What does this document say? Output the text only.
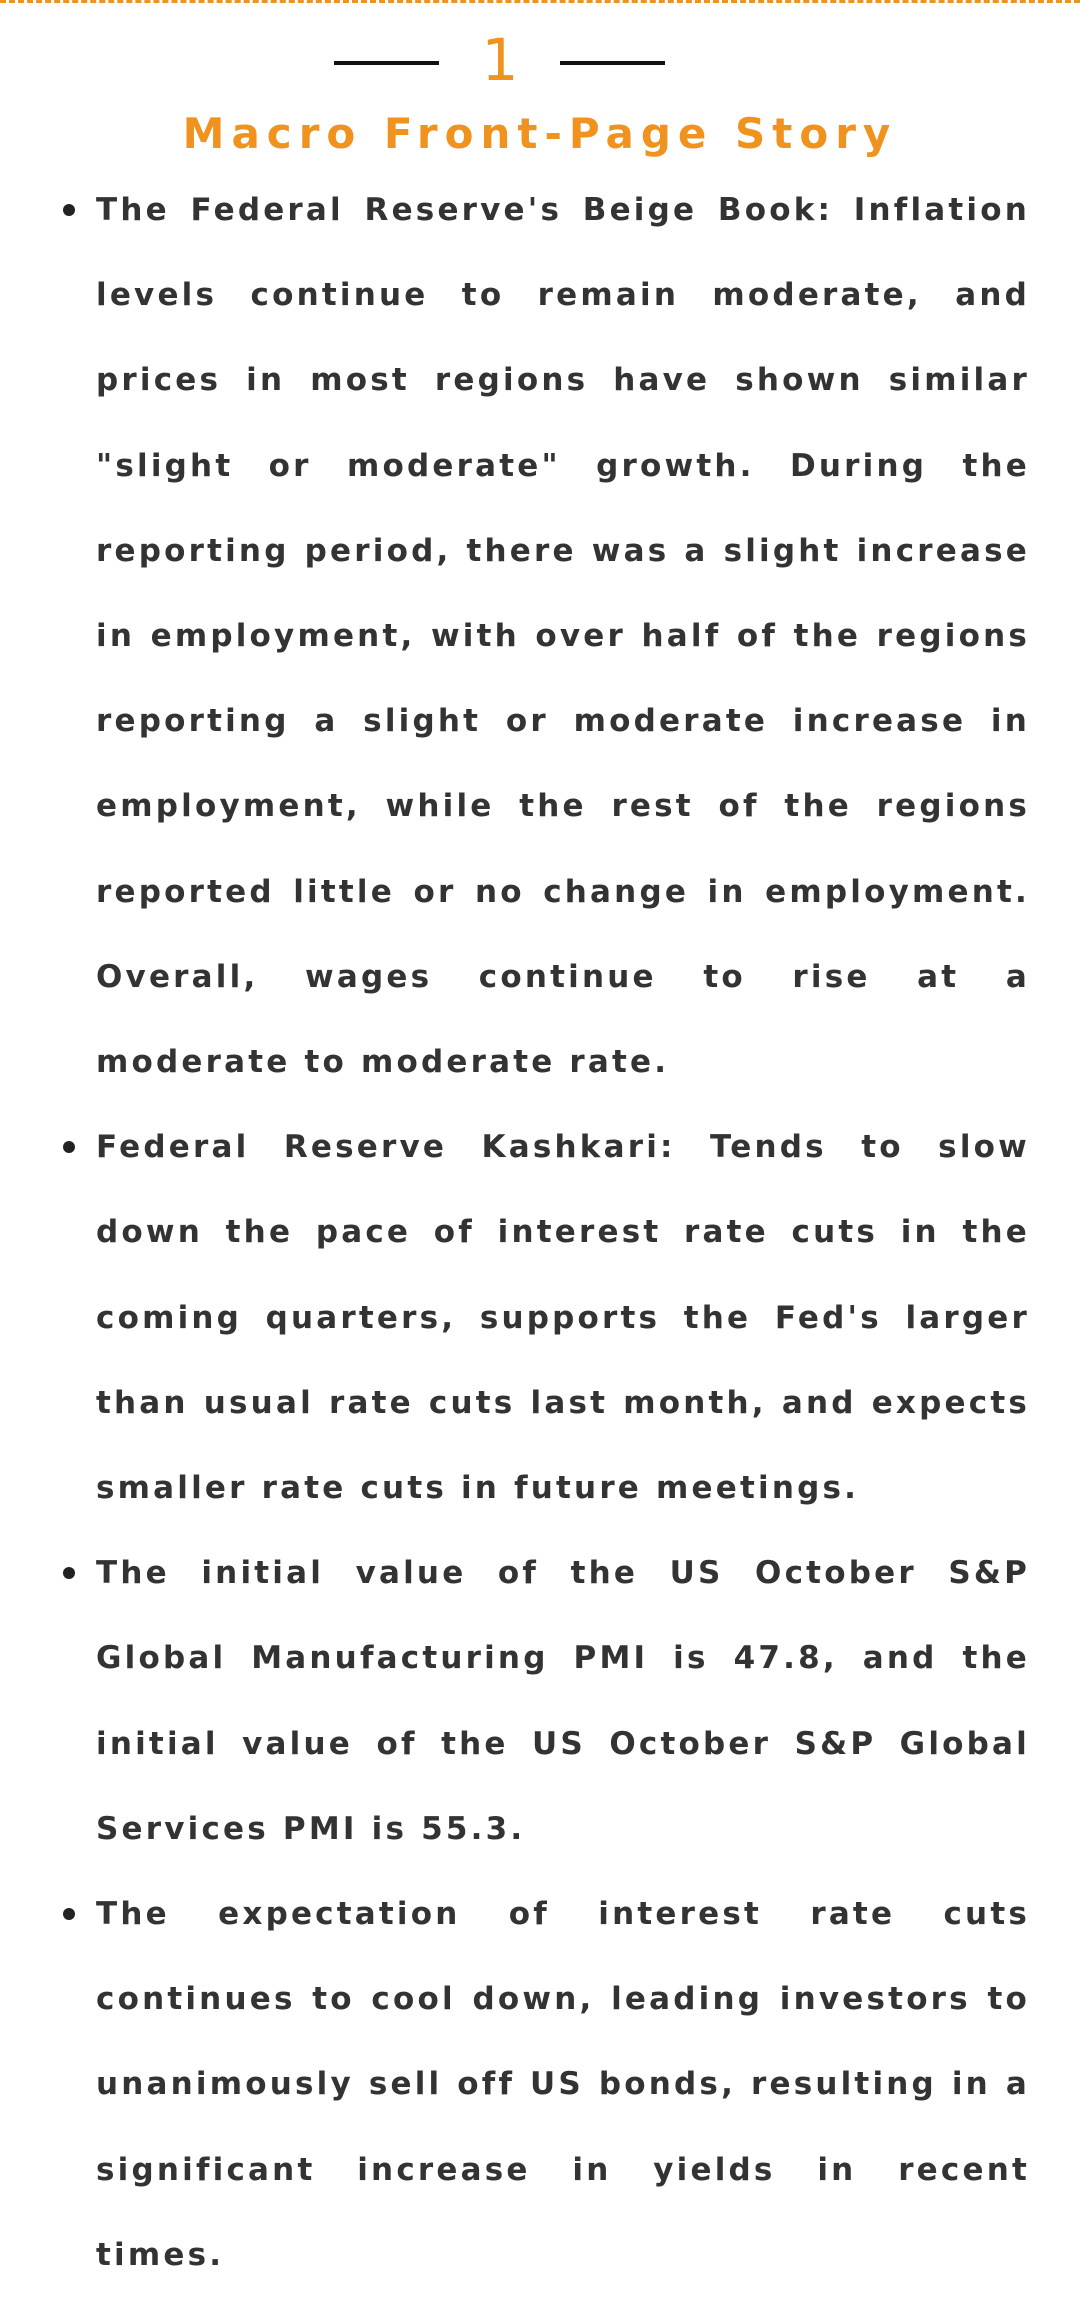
1
Macro Front-Page Story

The Federal Reserve's Beige Book: Inflation levels continue to remain moderate, and prices in most regions have shown similar "slight or moderate" growth. During the reporting period, there was a slight increase in employment, with over half of the regions reporting a slight or moderate increase in employment, while the rest of the regions reported little or no change in employment. Overall, wages continue to rise at a moderate to moderate rate.

Federal Reserve Kashkari: Tends to slow down the pace of interest rate cuts in the coming quarters, supports the Fed's larger than usual rate cuts last month, and expects smaller rate cuts in future meetings.

The initial value of the US October S&P Global Manufacturing PMI is 47.8, and the initial value of the US October S&P Global Services PMI is 55.3.

The expectation of interest rate cuts continues to cool down, leading investors to unanimously sell off US bonds, resulting in a significant increase in yields in recent times.
